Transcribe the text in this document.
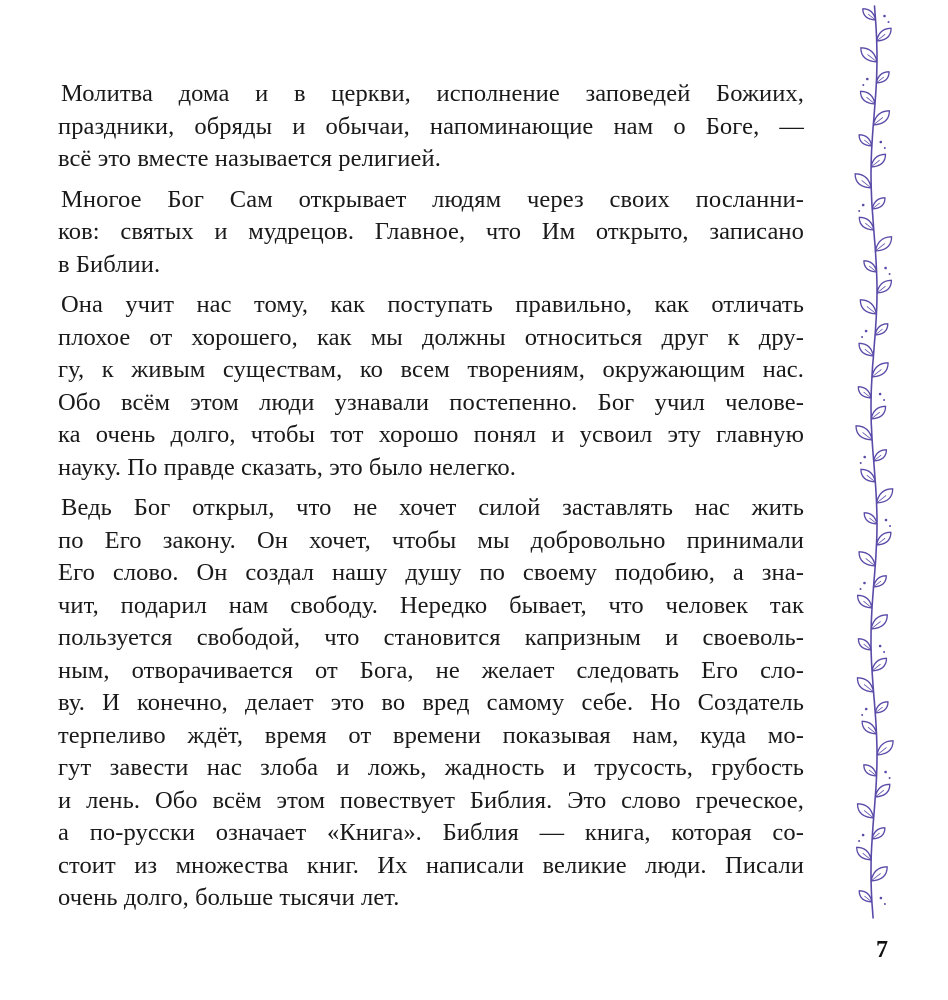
Молитва дома и в церкви, исполнение заповедей Божиих,
праздники, обряды и обычаи, напоминающие нам о Боге, —
всё это вместе называется религией.
Многое Бог Сам открывает людям через своих посланни-
ков: святых и мудрецов. Главное, что Им открыто, записано
в Библии.
Она учит нас тому, как поступать правильно, как отличать
плохое от хорошего, как мы должны относиться друг к дру-
гу, к живым существам, ко всем творениям, окружающим нас.
Обо всём этом люди узнавали постепенно. Бог учил челове-
ка очень долго, чтобы тот хорошо понял и усвоил эту главную
науку. По правде сказать, это было нелегко.
Ведь Бог открыл, что не хочет силой заставлять нас жить
по Его закону. Он хочет, чтобы мы добровольно принимали
Его слово. Он создал нашу душу по своему подобию, а зна-
чит, подарил нам свободу. Нередко бывает, что человек так
пользуется свободой, что становится капризным и своеволь-
ным, отворачивается от Бога, не желает следовать Его сло-
ву. И конечно, делает это во вред самому себе. Но Создатель
терпеливо ждёт, время от времени показывая нам, куда мо-
гут завести нас злоба и ложь, жадность и трусость, грубость
и лень. Обо всём этом повествует Библия. Это слово греческое,
а по-русски означает «Книга». Библия — книга, которая со-
стоит из множества книг. Их написали великие люди. Писали
очень долго, больше тысячи лет.
7
